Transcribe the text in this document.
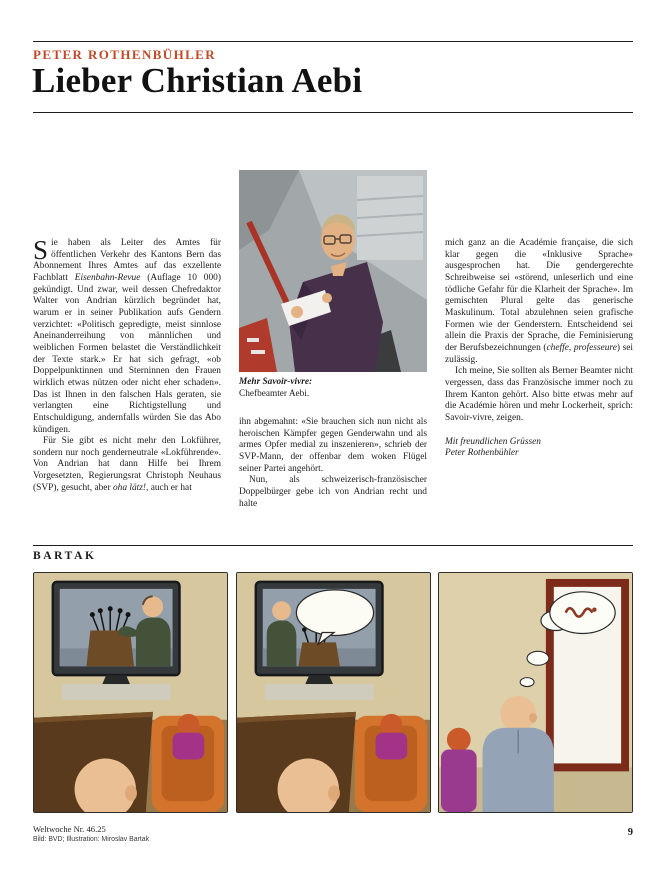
PETER ROTHENBÜHLER
Lieber Christian Aebi

Sie haben als Leiter des Amtes für öffentlichen Verkehr des Kantons Bern das Abonnement Ihres Amtes auf das exzellente Fachblatt Eisenbahn-Revue (Auflage 10 000) gekündigt. Und zwar, weil dessen Chefredaktor Walter von Andrian kürzlich begründet hat, warum er in seiner Publikation aufs Gendern verzichtet: «Politisch gepredigte, meist sinnlose Aneinanderreihung von männlichen und weiblichen Formen belastet die Verständlichkeit der Texte stark.» Er hat sich gefragt, «ob Doppelpunktinnen und Sterninnen den Frauen wirklich etwas nützen oder nicht eher schaden». Das ist Ihnen in den falschen Hals geraten, sie verlangten eine Richtigstellung und Entschuldigung, andernfalls würden Sie das Abo kündigen.

Für Sie gibt es nicht mehr den Lokführer, sondern nur noch genderneutrale «Lokführende». Von Andrian hat dann Hilfe bei Ihrem Vorgesetzten, Regierungsrat Christoph Neuhaus (SVP), gesucht, aber oha lätz!, auch er hat

Mehr Savoir-vivre:
Chefbeamter Aebi.

ihn abgemahnt: «Sie brauchen sich nun nicht als heroischen Kämpfer gegen Genderwahn und als armes Opfer medial zu inszenieren», schrieb der SVP-Mann, der offenbar dem woken Flügel seiner Partei angehört.

Nun, als schweizerisch-französischer Doppelbürger gebe ich von Andrian recht und halte

mich ganz an die Académie française, die sich klar gegen die «Inklusive Sprache» ausgesprochen hat. Die gendergerechte Schreibweise sei «störend, unleserlich und eine tödliche Gefahr für die Klarheit der Sprache». Im gemischten Plural gelte das generische Maskulinum. Total abzulehnen seien grafische Formen wie der Genderstern. Entscheidend sei allein die Praxis der Sprache, die Feminisierung der Berufsbezeichnungen (cheffe, professeure) sei zulässig.

Ich meine, Sie sollten als Berner Beamter nicht vergessen, dass das Französische immer noch zu Ihrem Kanton gehört. Also bitte etwas mehr auf die Académie hören und mehr Lockerheit, sprich: Savoir-vivre, zeigen.

Mit freundlichen Grüssen
Peter Rothenbühler

BARTAK
Weltwoche Nr. 46.25
Bild: BVD; Illustration: Miroslav Bartak
9
